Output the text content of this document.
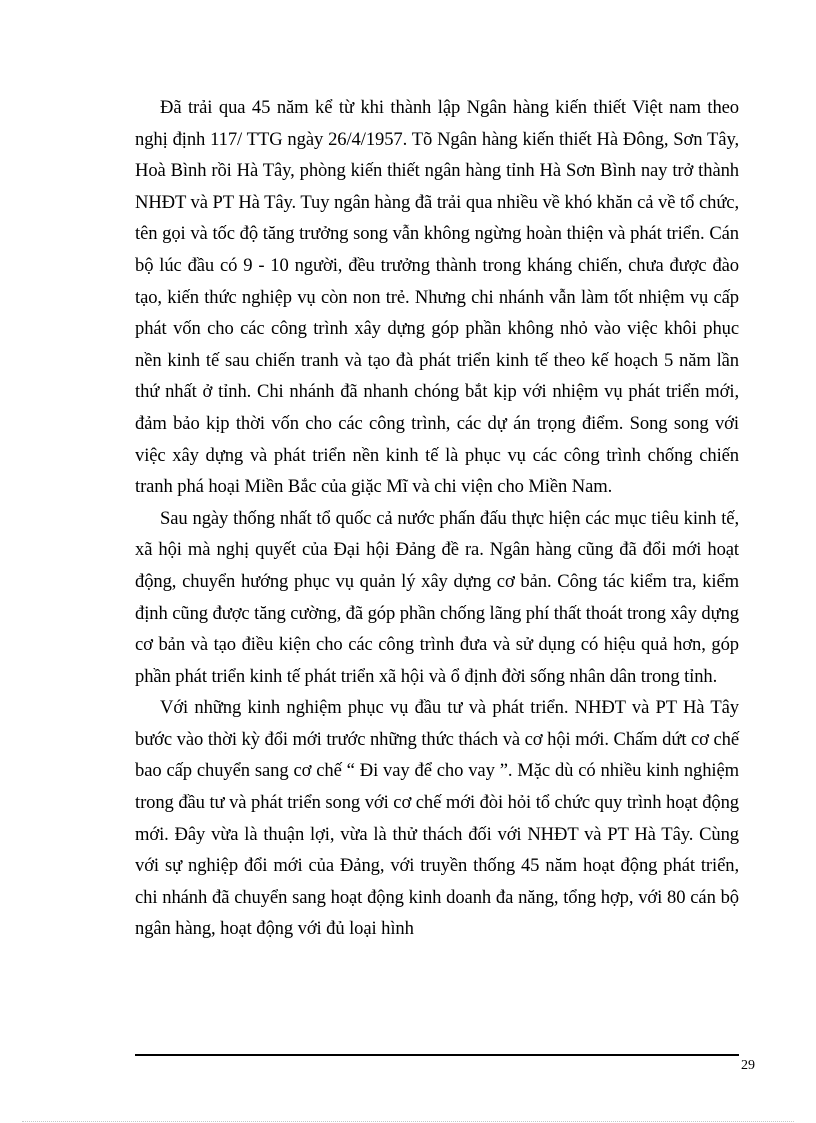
Đã trải qua 45 năm kể từ khi thành lập Ngân hàng kiến thiết Việt nam theo nghị định 117/ TTG ngày 26/4/1957. Tõ Ngân hàng kiến thiết Hà Đông, Sơn Tây, Hoà Bình rồi Hà Tây, phòng kiến thiết ngân hàng tỉnh Hà Sơn Bình nay trở thành NHĐT và PT Hà Tây. Tuy ngân hàng đã trải qua nhiều về khó khăn cả về tổ chức, tên gọi và tốc độ tăng trưởng song vẫn không ngừng hoàn thiện và phát triển. Cán bộ lúc đầu có 9 - 10 người, đều trưởng thành trong kháng chiến, chưa được đào tạo, kiến thức nghiệp vụ còn non trẻ. Nhưng chi nhánh vẫn làm tốt nhiệm vụ cấp phát vốn cho các công trình xây dựng góp phần không nhỏ vào việc khôi phục nền kinh tế sau chiến tranh và tạo đà phát triển kinh tế theo kế hoạch 5 năm lần thứ nhất ở tỉnh. Chi nhánh đã nhanh chóng bắt kịp với nhiệm vụ phát triển mới, đảm bảo kịp thời vốn cho các công trình, các dự án trọng điểm. Song song với việc xây dựng và phát triển nền kinh tế là phục vụ các công trình chống chiến tranh phá hoại Miền Bắc của giặc Mĩ và chi viện cho Miền Nam.

Sau ngày thống nhất tổ quốc cả nước phấn đấu thực hiện các mục tiêu kinh tế, xã hội mà nghị quyết của Đại hội Đảng đề ra. Ngân hàng cũng đã đổi mới hoạt động, chuyển hướng phục vụ quản lý xây dựng cơ bản. Công tác kiểm tra, kiểm định cũng được tăng cường, đã góp phần chống lãng phí thất thoát trong xây dựng cơ bản và tạo điều kiện cho các công trình đưa và sử dụng có hiệu quả hơn, góp phần phát triển kinh tế phát triển xã hội và ổ định đời sống nhân dân trong tỉnh.

Với những kinh nghiệm phục vụ đầu tư và phát triển. NHĐT và PT Hà Tây bước vào thời kỳ đổi mới trước những thức thách và cơ hội mới. Chấm dứt cơ chế bao cấp chuyển sang cơ chế “ Đi vay để cho vay ”. Mặc dù có nhiều kinh nghiệm trong đầu tư và phát triển song với cơ chế mới đòi hỏi tổ chức quy trình hoạt động mới. Đây vừa là thuận lợi, vừa là thử thách đối với NHĐT và PT Hà Tây. Cùng với sự nghiệp đổi mới của Đảng, với truyền thống 45 năm hoạt động phát triển, chi nhánh đã chuyển sang hoạt động kinh doanh đa năng, tổng hợp, với 80 cán bộ ngân hàng, hoạt động với đủ loại hình

29
